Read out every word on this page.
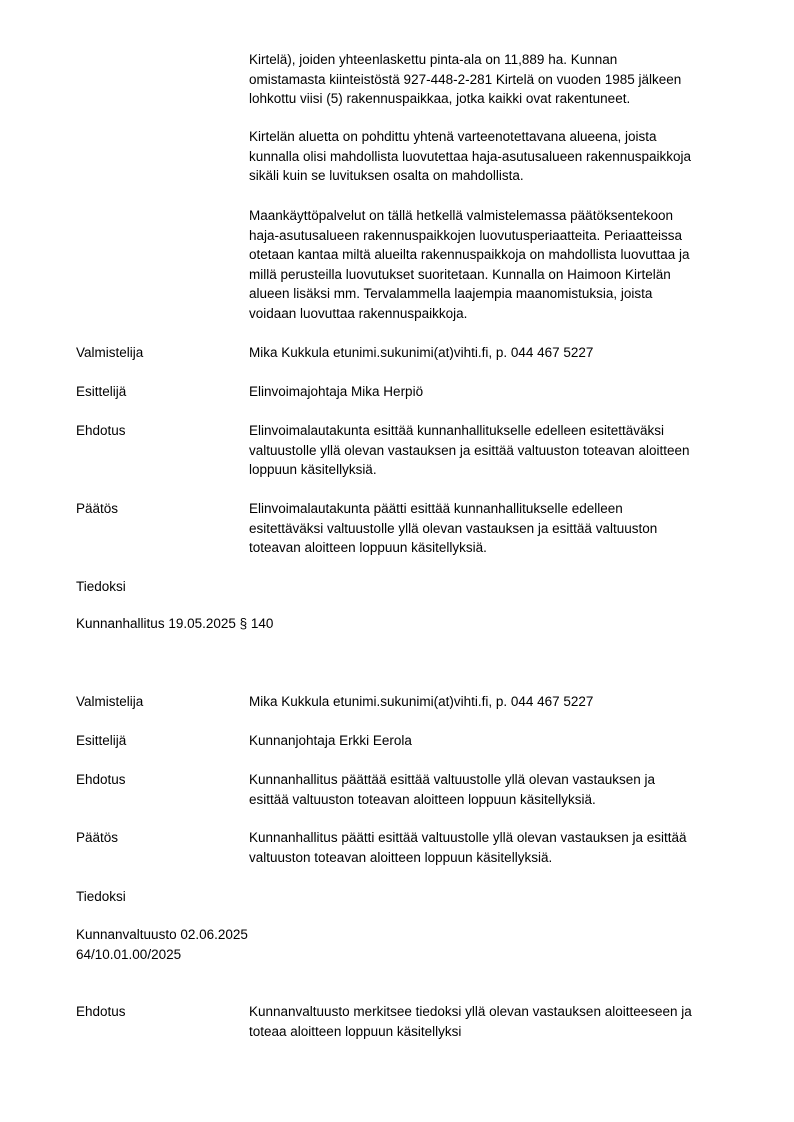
Kirtelä), joiden yhteenlaskettu pinta-ala on 11,889 ha. Kunnan

omistamasta kiinteistöstä 927-448-2-281 Kirtelä on vuoden 1985 jälkeen

lohkottu viisi (5) rakennuspaikkaa, jotka kaikki ovat rakentuneet.

Kirtelän aluetta on pohdittu yhtenä varteenotettavana alueena, joista

kunnalla olisi mahdollista luovutettaa haja-asutusalueen rakennuspaikkoja

sikäli kuin se luvituksen osalta on mahdollista.

Maankäyttöpalvelut on tällä hetkellä valmistelemassa päätöksentekoon

haja-asutusalueen rakennuspaikkojen luovutusperiaatteita. Periaatteissa

otetaan kantaa miltä alueilta rakennuspaikkoja on mahdollista luovuttaa ja

millä perusteilla luovutukset suoritetaan. Kunnalla on Haimoon Kirtelän

alueen lisäksi mm. Tervalammella laajempia maanomistuksia, joista

voidaan luovuttaa rakennuspaikkoja.

Valmistelija	Mika Kukkula etunimi.sukunimi(at)vihti.fi, p. 044 467 5227

Esittelijä	Elinvoimajohtaja Mika Herpiö

Ehdotus	Elinvoimalautakunta esittää kunnanhallitukselle edelleen esitettäväksi

valtuustolle yllä olevan vastauksen ja esittää valtuuston toteavan aloitteen

loppuun käsitellyksiä.

Päätös	Elinvoimalautakunta päätti esittää kunnanhallitukselle edelleen

esitettäväksi valtuustolle yllä olevan vastauksen ja esittää valtuuston

toteavan aloitteen loppuun käsitellyksiä.

Tiedoksi
Kunnanhallitus 19.05.2025 § 140
Valmistelija	Mika Kukkula etunimi.sukunimi(at)vihti.fi, p. 044 467 5227

Esittelijä	Kunnanjohtaja Erkki Eerola

Ehdotus	Kunnanhallitus päättää esittää valtuustolle yllä olevan vastauksen ja

esittää valtuuston toteavan aloitteen loppuun käsitellyksiä.

Päätös	Kunnanhallitus päätti esittää valtuustolle yllä olevan vastauksen ja esittää

valtuuston toteavan aloitteen loppuun käsitellyksiä.

Tiedoksi

Kunnanvaltuusto 02.06.2025

64/10.01.00/2025

Ehdotus	Kunnanvaltuusto merkitsee tiedoksi yllä olevan vastauksen aloitteeseen ja

toteaa aloitteen loppuun käsitellyksi
